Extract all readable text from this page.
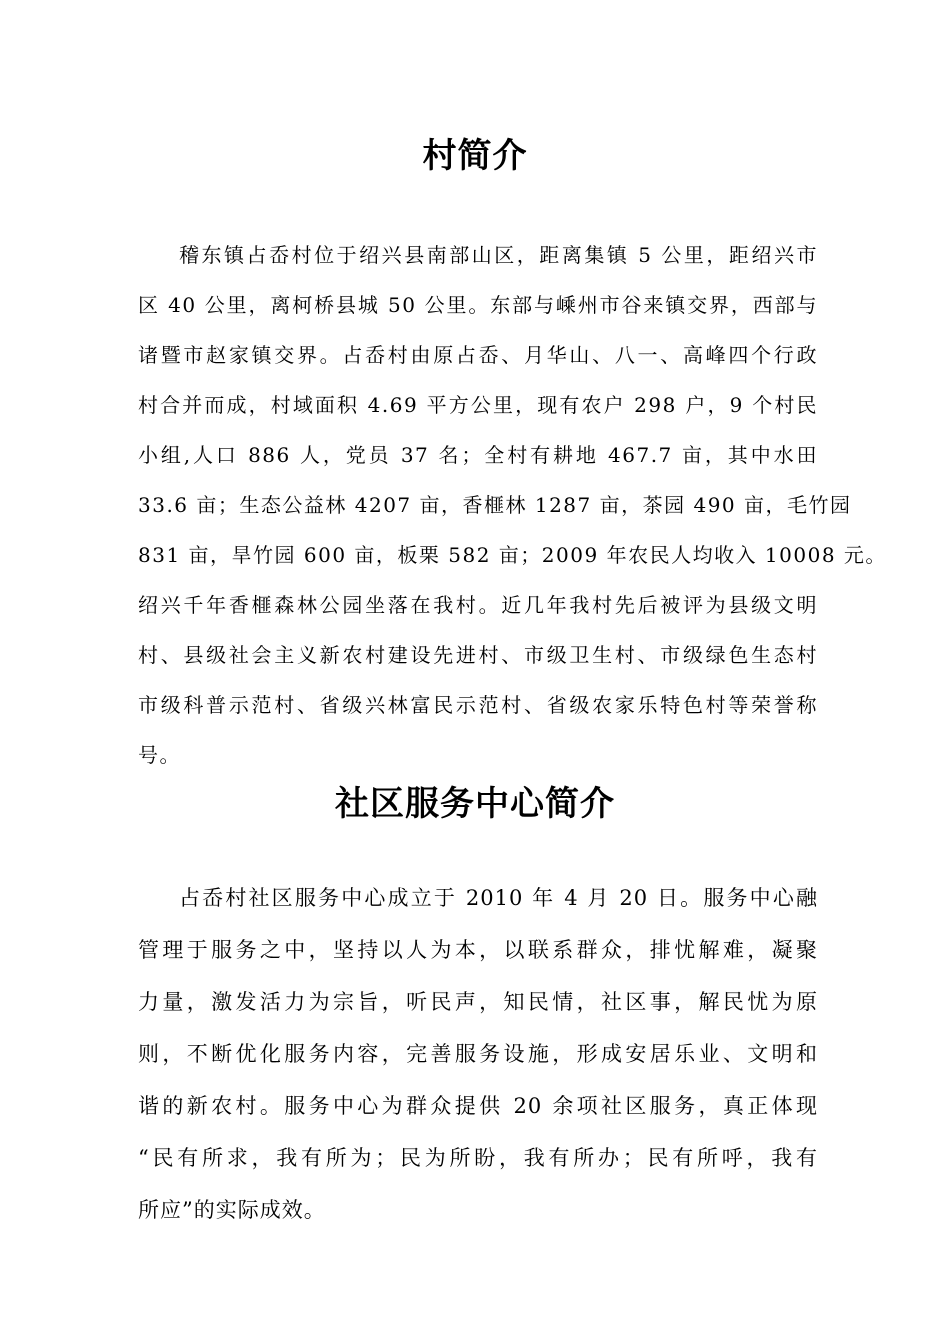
村简介
稽东镇占岙村位于绍兴县南部山区，距离集镇 5 公里，距绍兴市
区 40 公里，离柯桥县城 50 公里。东部与嵊州市谷来镇交界，西部与
诸暨市赵家镇交界。占岙村由原占岙、月华山、八一、高峰四个行政
村合并而成，村域面积 4.69 平方公里，现有农户 298 户，9 个村民
小组,人口 886 人，党员 37 名；全村有耕地 467.7 亩，其中水田
33.6 亩；生态公益林 4207 亩，香榧林 1287 亩，茶园 490 亩，毛竹园
831 亩，旱竹园 600 亩，板栗 582 亩；2009 年农民人均收入 10008 元。
绍兴千年香榧森林公园坐落在我村。近几年我村先后被评为县级文明
村、县级社会主义新农村建设先进村、市级卫生村、市级绿色生态村
市级科普示范村、省级兴林富民示范村、省级农家乐特色村等荣誉称
号。
社区服务中心简介
占岙村社区服务中心成立于 2010 年 4 月 20 日。服务中心融
管理于服务之中，坚持以人为本，以联系群众，排忧解难，凝聚
力量，激发活力为宗旨，听民声，知民情，社区事，解民忧为原
则，不断优化服务内容，完善服务设施，形成安居乐业、文明和
谐的新农村。服务中心为群众提供 20 余项社区服务，真正体现
“民有所求，我有所为；民为所盼，我有所办；民有所呼，我有
所应”的实际成效。
